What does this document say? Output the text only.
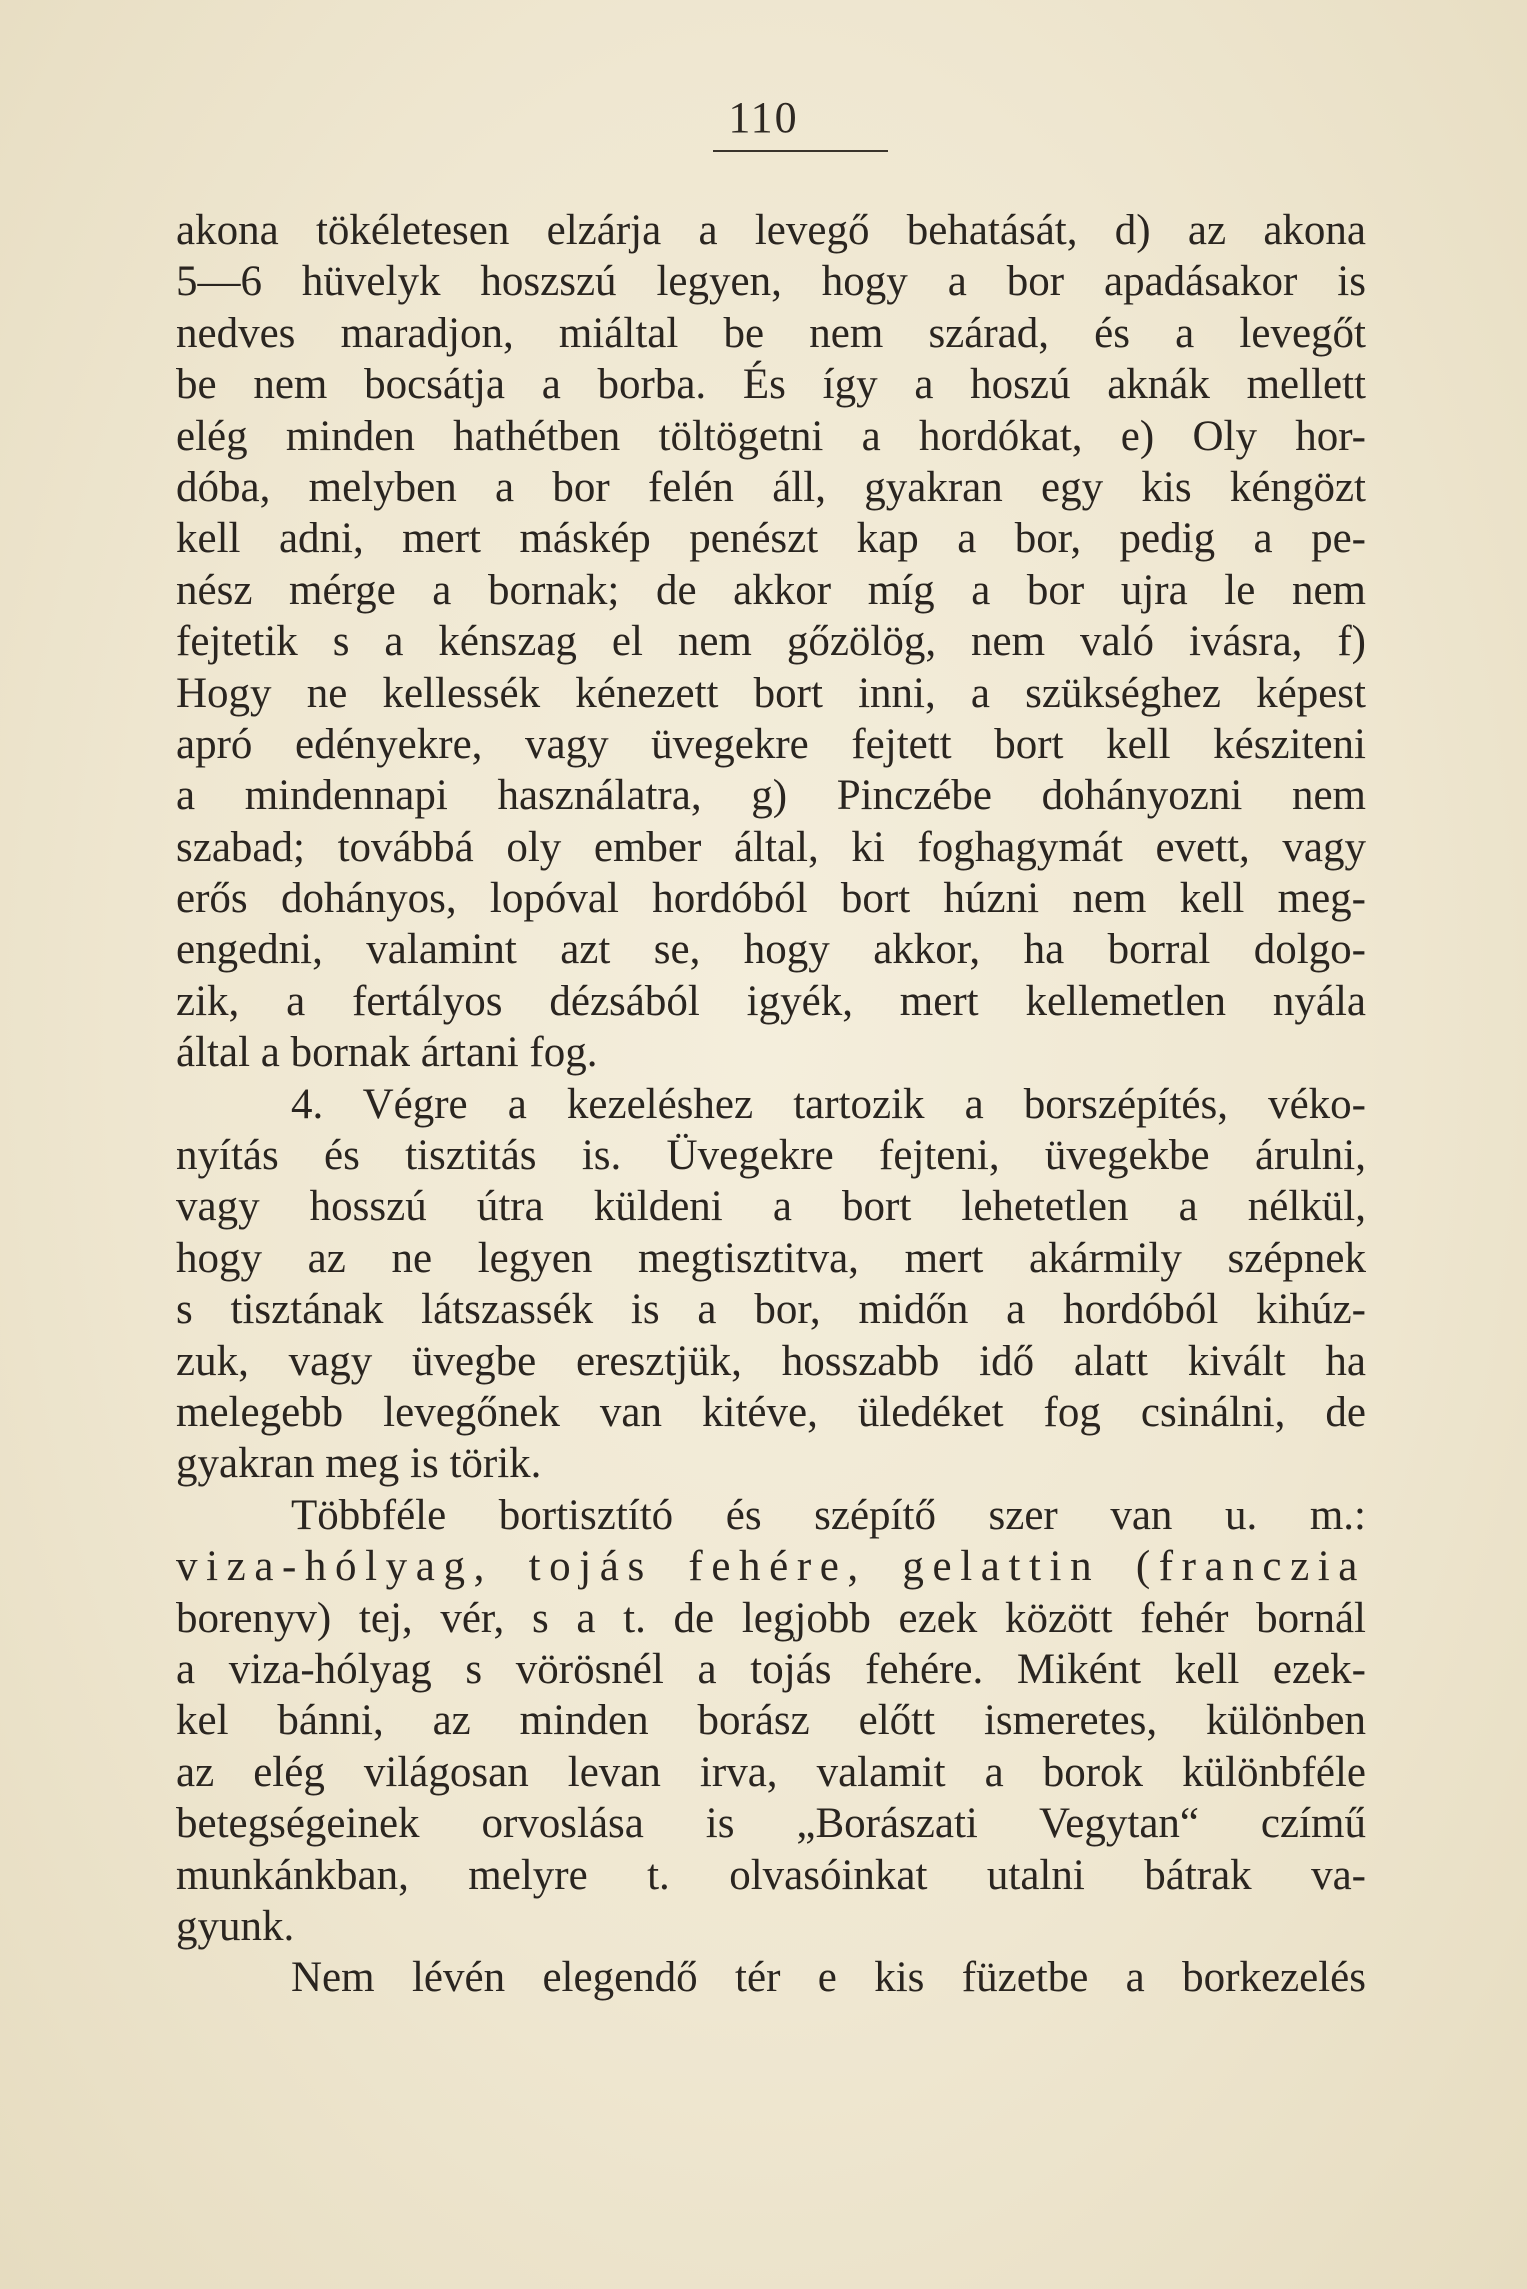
110
akona tökéletesen elzárja a levegő behatását, d) az akona
5—6 hüvelyk hoszszú legyen, hogy a bor apadásakor is
nedves maradjon, miáltal be nem szárad, és a levegőt
be nem bocsátja a borba. És így a hoszú aknák mellett
elég minden hathétben töltögetni a hordókat, e) Oly hor-
dóba, melyben a bor felén áll, gyakran egy kis kéngözt
kell adni, mert máskép penészt kap a bor, pedig a pe-
nész mérge a bornak; de akkor míg a bor ujra le nem
fejtetik s a kénszag el nem gőzölög, nem való ivásra, f)
Hogy ne kellessék kénezett bort inni, a szükséghez képest
apró edényekre, vagy üvegekre fejtett bort kell késziteni
a mindennapi használatra, g) Pinczébe dohányozni nem
szabad; továbbá oly ember által, ki foghagymát evett, vagy
erős dohányos, lopóval hordóból bort húzni nem kell meg-
engedni, valamint azt se, hogy akkor, ha borral dolgo-
zik, a fertályos dézsából igyék, mert kellemetlen nyála
által a bornak ártani fog.
4. Végre a kezeléshez tartozik a borszépítés, véko-
nyítás és tisztitás is. Üvegekre fejteni, üvegekbe árulni,
vagy hosszú útra küldeni a bort lehetetlen a nélkül,
hogy az ne legyen megtisztitva, mert akármily szépnek
s tisztának látszassék is a bor, midőn a hordóból kihúz-
zuk, vagy üvegbe eresztjük, hosszabb idő alatt kivált ha
melegebb levegőnek van kitéve, üledéket fog csinálni, de
gyakran meg is törik.
Többféle bortisztító és szépítő szer van u. m.:
viza-hólyag, tojás fehére, gelattin (franczia
borenyv) tej, vér, s a t. de legjobb ezek között fehér bornál
a viza-hólyag s vörösnél a tojás fehére. Miként kell ezek-
kel bánni, az minden borász előtt ismeretes, különben
az elég világosan levan irva, valamit a borok különbféle
betegségeinek orvoslása is „Borászati Vegytan“ czímű
munkánkban, melyre t. olvasóinkat utalni bátrak va-
gyunk.
Nem lévén elegendő tér e kis füzetbe a borkezelés
